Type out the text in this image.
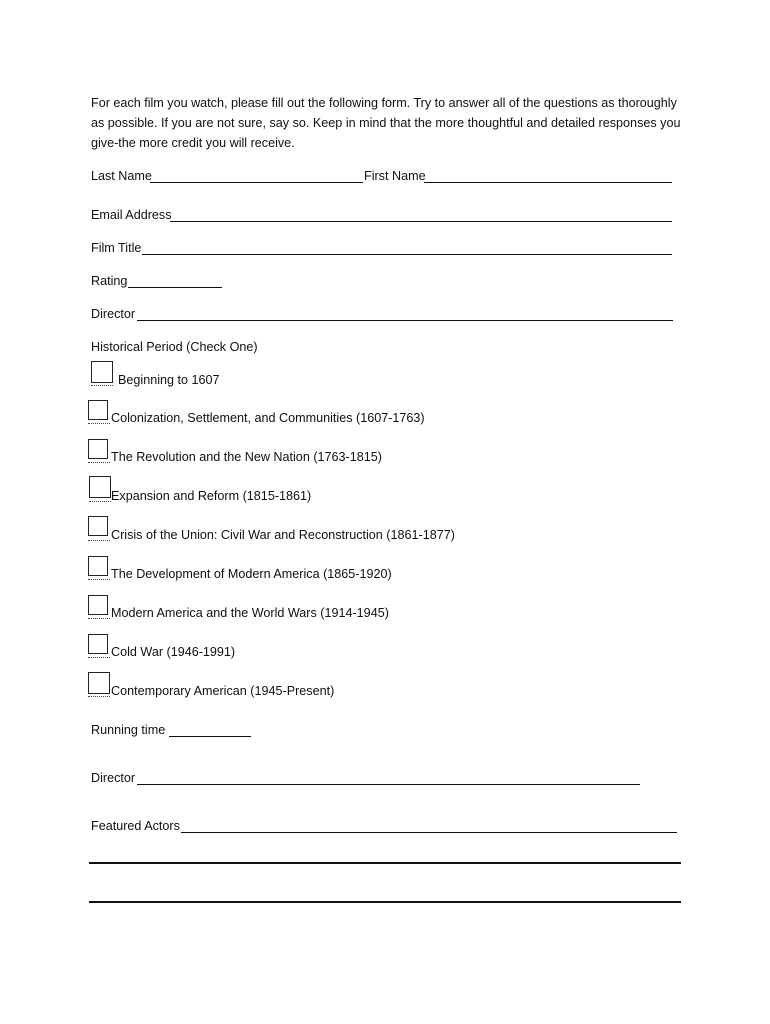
For each film you watch, please fill out the following form. Try to answer all of the questions as thoroughly as possible. If you are not sure, say so. Keep in mind that the more thoughtful and detailed responses you give-the more credit you will receive.

Last Name	First Name
Email Address
Film Title
Rating
Director
Historical Period (Check One)
Beginning to 1607
Colonization, Settlement, and Communities (1607-1763)
The Revolution and the New Nation (1763-1815)
Expansion and Reform (1815-1861)
Crisis of the Union: Civil War and Reconstruction (1861-1877)
The Development of Modern America (1865-1920)
Modern America and the World Wars (1914-1945)
Cold War (1946-1991)
Contemporary American (1945-Present)
Running time
Director
Featured Actors
